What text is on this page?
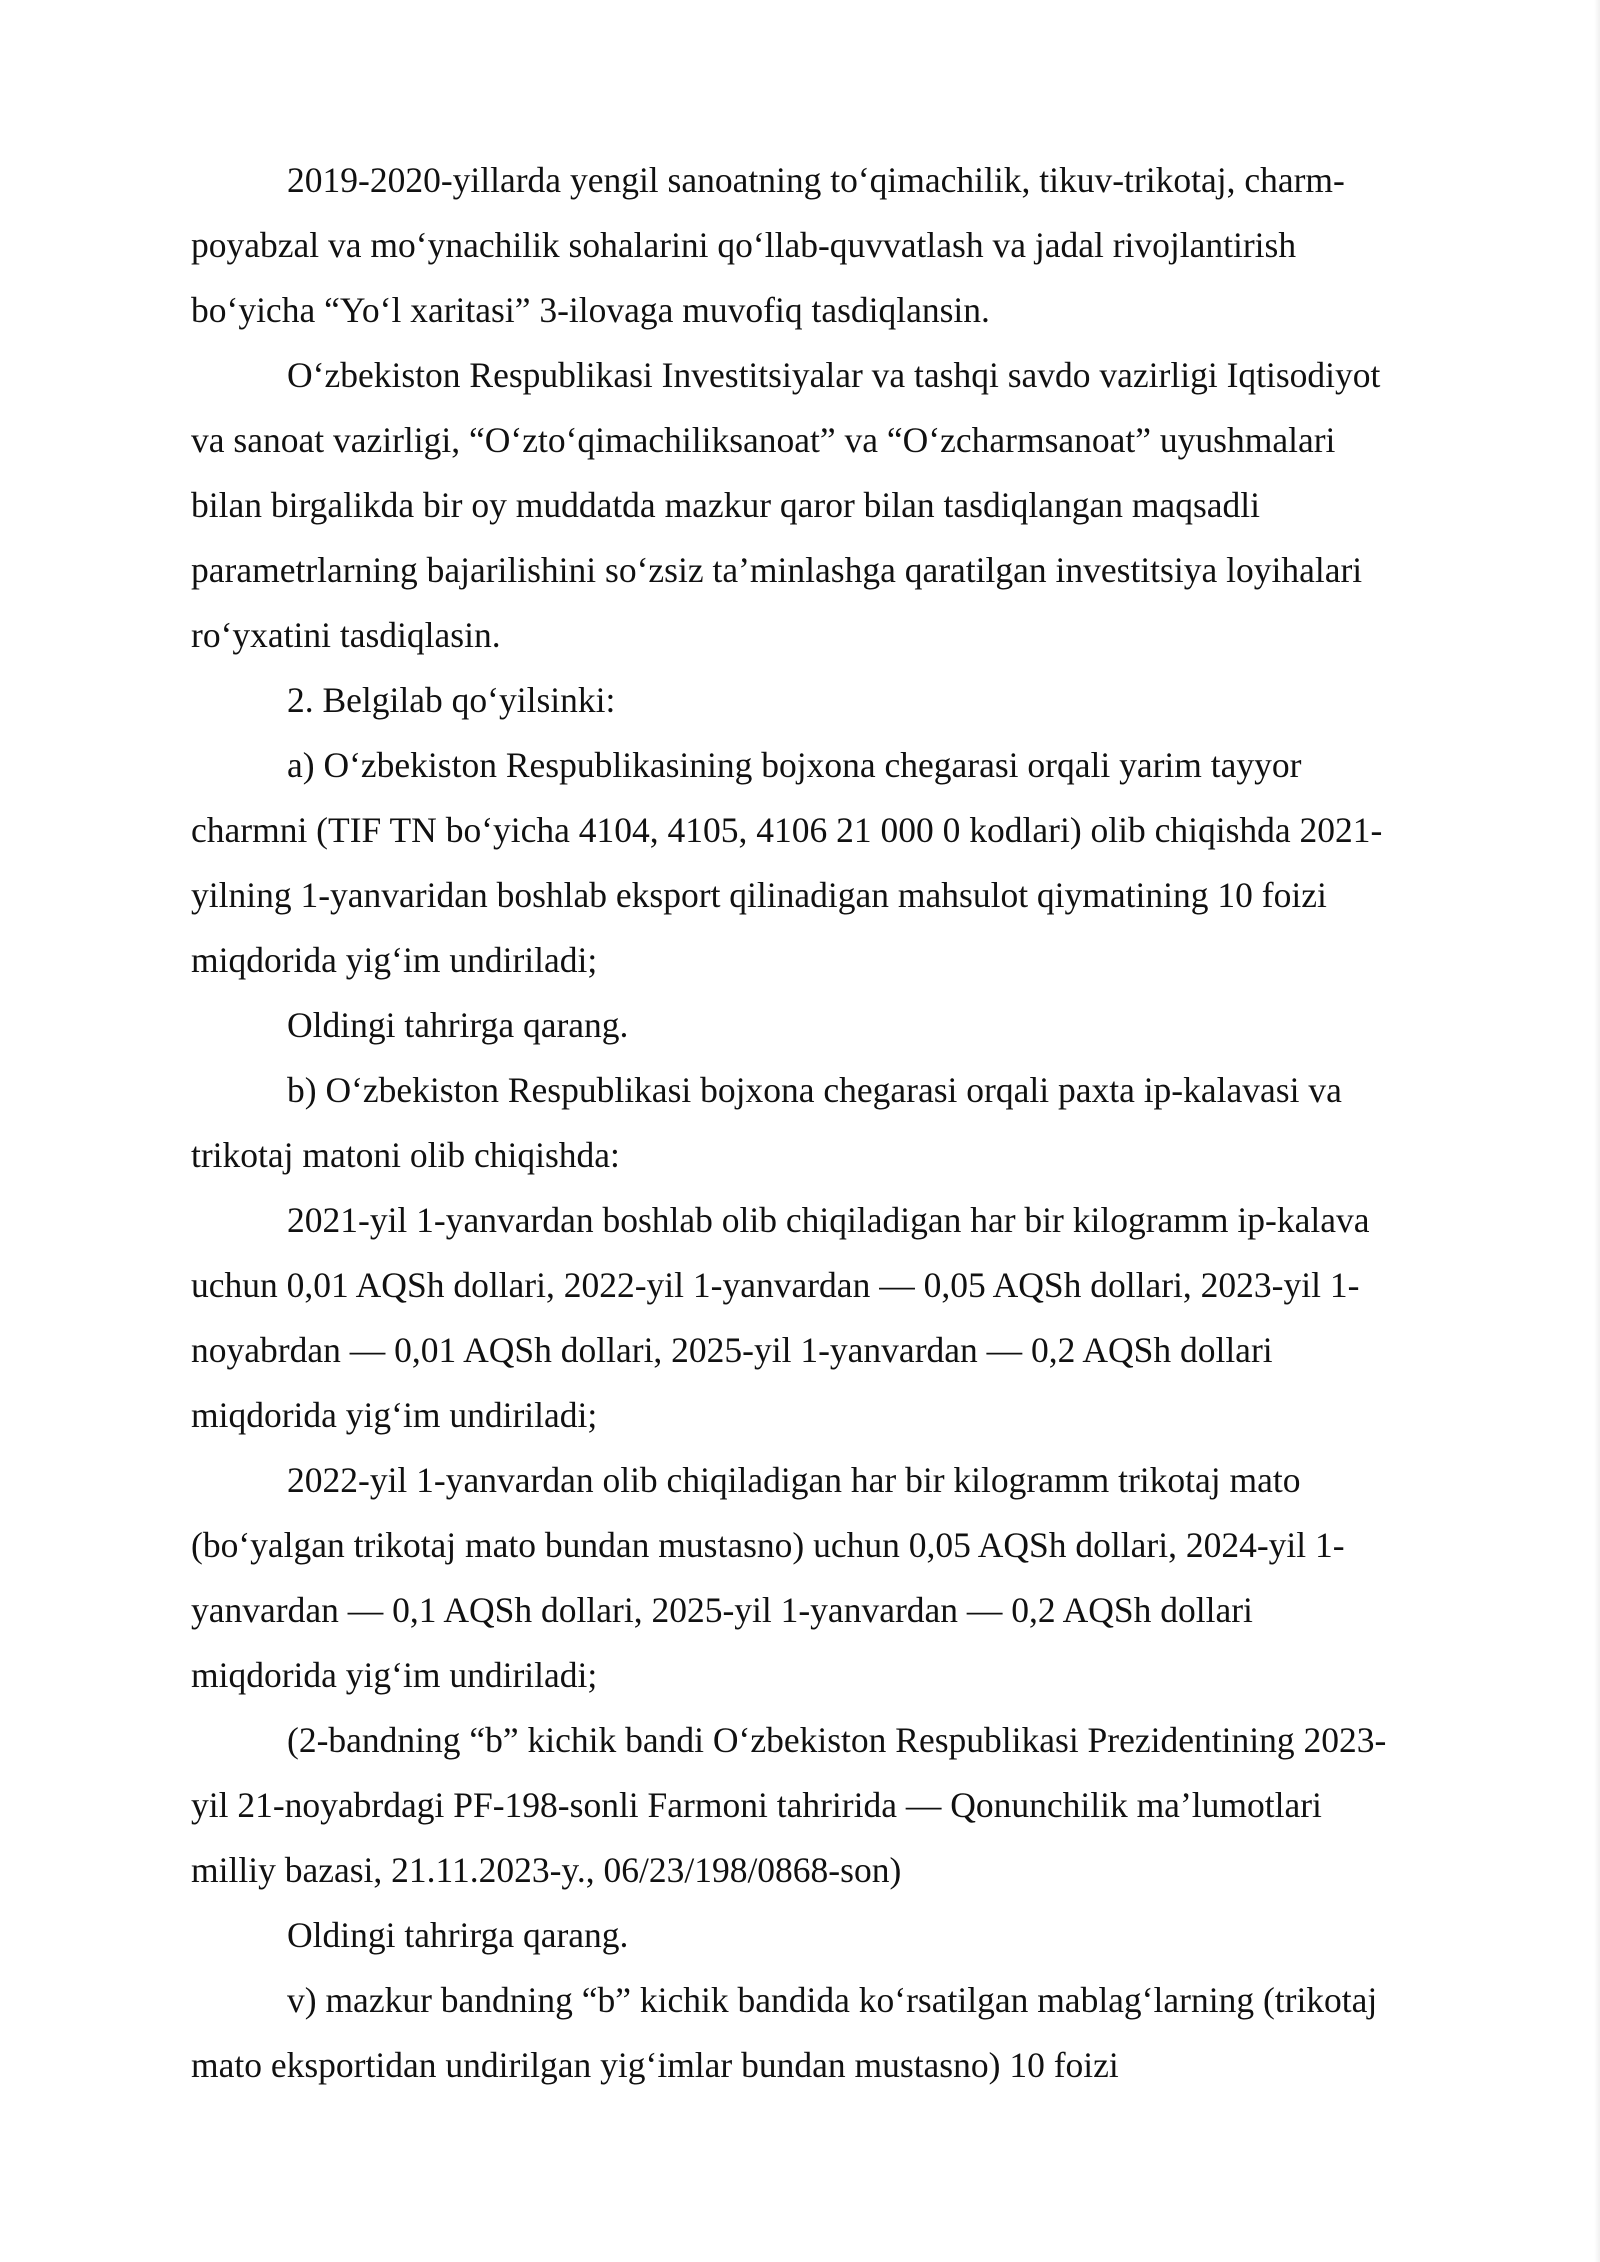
2019-2020-yillarda yengil sanoatning to‘qimachilik, tikuv-trikotaj, charm-poyabzal va mo‘ynachilik sohalarini qo‘llab-quvvatlash va jadal rivojlantirish bo‘yicha “Yo‘l xaritasi” 3-ilovaga muvofiq tasdiqlansin.

O‘zbekiston Respublikasi Investitsiyalar va tashqi savdo vazirligi Iqtisodiyot va sanoat vazirligi, “O‘zto‘qimachiliksanoat” va “O‘zcharmsanoat” uyushmalari bilan birgalikda bir oy muddatda mazkur qaror bilan tasdiqlangan maqsadli parametrlarning bajarilishini so‘zsiz ta’minlashga qaratilgan investitsiya loyihalari ro‘yxatini tasdiqlasin.

2. Belgilab qo‘yilsinki:

a) O‘zbekiston Respublikasining bojxona chegarasi orqali yarim tayyor charmni (TIF TN bo‘yicha 4104, 4105, 4106 21 000 0 kodlari) olib chiqishda 2021-yilning 1-yanvaridan boshlab eksport qilinadigan mahsulot qiymatining 10 foizi miqdorida yig‘im undiriladi;

Oldingi tahrirga qarang.

b) O‘zbekiston Respublikasi bojxona chegarasi orqali paxta ip-kalavasi va trikotaj matoni olib chiqishda:

2021-yil 1-yanvardan boshlab olib chiqiladigan har bir kilogramm ip-kalava uchun 0,01 AQSh dollari, 2022-yil 1-yanvardan — 0,05 AQSh dollari, 2023-yil 1-noyabrdan — 0,01 AQSh dollari, 2025-yil 1-yanvardan — 0,2 AQSh dollari miqdorida yig‘im undiriladi;

2022-yil 1-yanvardan olib chiqiladigan har bir kilogramm trikotaj mato (bo‘yalgan trikotaj mato bundan mustasno) uchun 0,05 AQSh dollari, 2024-yil 1-yanvardan — 0,1 AQSh dollari, 2025-yil 1-yanvardan — 0,2 AQSh dollari miqdorida yig‘im undiriladi;

(2-bandning “b” kichik bandi O‘zbekiston Respublikasi Prezidentining 2023-yil 21-noyabrdagi PF-198-sonli Farmoni tahririda — Qonunchilik ma’lumotlari milliy bazasi, 21.11.2023-y., 06/23/198/0868-son)

Oldingi tahrirga qarang.

v) mazkur bandning “b” kichik bandida ko‘rsatilgan mablag‘larning (trikotaj mato eksportidan undirilgan yig‘imlar bundan mustasno) 10 foizi
